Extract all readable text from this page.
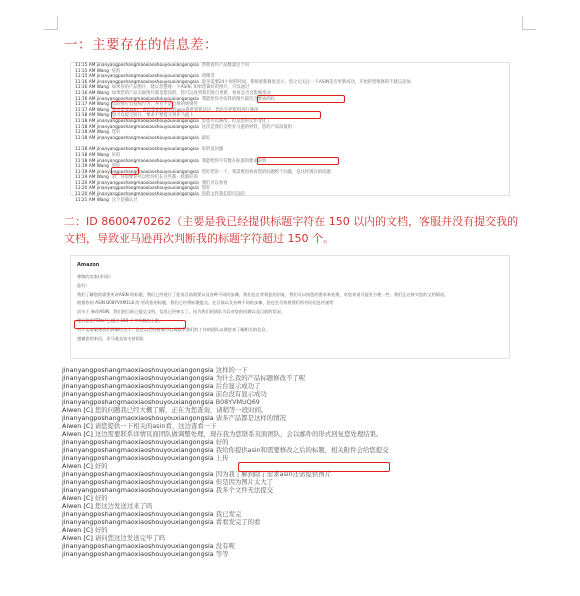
一：主要存在的信息差：
11:15 AM jinanyangposhangmaoxiaoshouyouxiangongsia 帮我再传产品数量这个问
11:15 AM Wang 好的
11:15 AM jinanyangposhangmaoxiaoshouyouxiangongsia 请稍等
11:16 AM jinanyangposhangmaoxiaoshouyouxiangongsia 最多需要24小时的时间，系统重新修复显示，您之后关注一下ASIN是否更新成功，开始转型维修的不建议添加
11:16 AM Wang 如果你的产品照片，建议您整理一下ASIN, 如果您做好的图片，可以通过
11:16 AM Wang 如果您的产品关联图片都是错误的，您可以再到我们进行更新，看看是否会影响变动
11:16 AM jinanyangposhangmaoxiaoshouyouxiangongsia 我能给你介绍我的图片最符合要求的吗
11:17 AM Wang 您的图片有侵权行为，并且不是合规的规则性
11:17 AM Wang 我也需要asin，请您需要把相关的asin提供到我这边，您也会把资料进行修改
11:18 AM Wang 您可以提交照片，要求不要提交到亚马逊上
11:18 AM jinanyangposhangmaoxiaoshouyouxiangongsia 您也可以修改，但是您的文件变化了
11:18 AM jinanyangposhangmaoxiaoshouyouxiangongsia 这次是我们交给亚马逊的材料，您的产品质量的
11:18 AM Wang 您好
11:18 AM jinanyangposhangmaoxiaoshouyouxiangongsia 最好
11:18 AM jinanyangposhangmaoxiaoshouyouxiangongsia 好的没问题
11:18 AM Wang 好的
11:18 AM jinanyangposhangmaoxiaoshouyouxiangongsia 我能给你字符数在标准的要求说明
11:19 AM Wang 您好
11:19 AM jinanyangposhangmaoxiaoshouyouxiangongsia 您好您说一下，我需要再看看您的问题给个问题，是这样现在的问题
11:19 AM Wang 对，你需要你可以给你们在这些都一样都好的
11:20 AM jinanyangposhangmaoxiaoshouyouxiangongsia 我们可以看看
11:20 AM jinanyangposhangmaoxiaoshouyouxiangongsia 您好
11:20 AM jinanyangposhangmaoxiaoshouyouxiangongsia 你的文件我们的可以的
11:21 AM Wang 这个是确认过
二：ID 8600470262（主要是我已经提供标题字符在 150 以内的文档，客服并没有提交我的文档，导致亚马逊再次判断我的标题字符超过 150 个。
Amazon
尊敬的卖家(市场):
您好！
我们了解您的需要更改ASIN 的标题，我们已经进行了您再目前需要以及各种不同的步骤，我们也在等着您的回复，我们可以按您的要求来处理，对您来说可能更方便一些，我们正在核实您的文档情况。
根据你的 ASIN B08YVXM1L8 的 更改您的标题，我们已经将标题提交，在目前以及各种不同的步骤，您也会尽快将我们所有的信息传递给
而关于 修改ASIN，我们的目前已提交文档，信息已经核实了，因为我们的团队可以对您的问题以及目前的状况。
建议您的"Title"已超过 150 个字符数的上限。
对于卖家服务我们将确认这个，您在以后的时候可以再联系我们的工作的团队以便您来了解相关的信息。
感谢您的来信，亚马逊卖家支持团队
jinanyangposhangmaoxiaoshouyouxiangongsia 这样的一下
jinanyangposhangmaoxiaoshouyouxiangongsia 为什么我的产品标题修改不了呢
jinanyangposhangmaoxiaoshouyouxiangongsia 后台显示成功了
jinanyangposhangmaoxiaoshouyouxiangongsia 前台没有显示成功
jinanyangposhangmaoxiaoshouyouxiangongsia B08YVMUQ69
Aiwen [C] 您的问题我已经大概了解，正在为您查询，请稍等一段时间。
jinanyangposhangmaoxiaoshouyouxiangongsia 请多产品都是这样的情况
Aiwen [C] 请您提供一下相关的asin看，这边查看一下
Aiwen [C] 这边需要联系详情页面团队做调整处理，现在我为您联系页面团队，会以邮件的形式回复您处理结果。
jinanyangposhangmaoxiaoshouyouxiangongsia 好的
jinanyangposhangmaoxiaoshouyouxiangongsia 我给你提供asin和需要修改之后的标题，相关附件会给您提交
jinanyangposhangmaoxiaoshouyouxiangongsia 上传
Aiwen [C] 好的
jinanyangposhangmaoxiaoshouyouxiangongsia 因为我了解到除了需求asin还需提供图片
jinanyangposhangmaoxiaoshouyouxiangongsia 但是因为图片太大了
jinanyangposhangmaoxiaoshouyouxiangongsia 我多个文件无法提交
Aiwen [C] 好的
Aiwen [C] 您这边发送过来了吗
jinanyangposhangmaoxiaoshouyouxiangongsia 我已发完
jinanyangposhangmaoxiaoshouyouxiangongsia 看看发完了的看
Aiwen [C] 好的
Aiwen [C] 请问您这边发送完毕了吗
jinanyangposhangmaoxiaoshouyouxiangongsia 没有呢
jinanyangposhangmaoxiaoshouyouxiangongsia 等等
